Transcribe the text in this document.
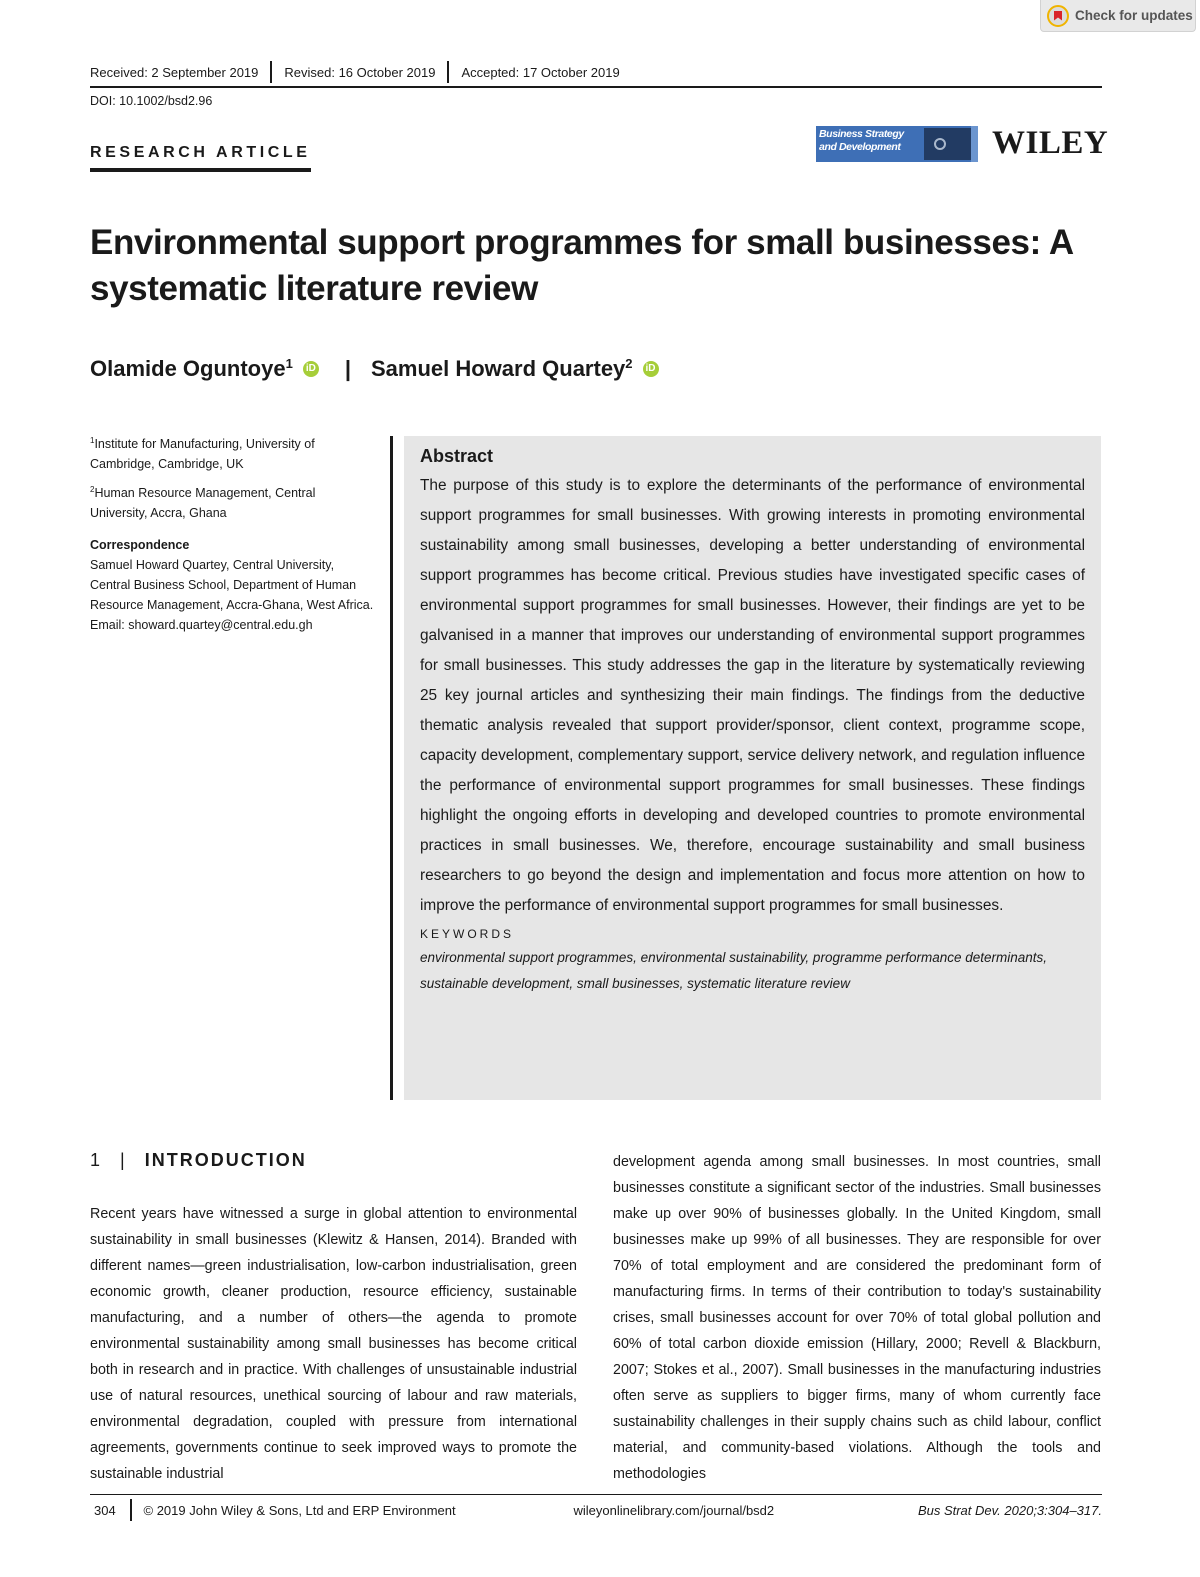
Check for updates
Received: 2 September 2019	Revised: 16 October 2019	Accepted: 17 October 2019
DOI: 10.1002/bsd2.96
RESEARCH ARTICLE
Business Strategy
and Development	WILEY
Environmental support programmes for small businesses: A systematic literature review
Olamide Oguntoye$^1$	iD | Samuel Howard Quartey$^2$	iD

$^1$Institute for Manufacturing, University of Cambridge, Cambridge, UK

$^2$Human Resource Management, Central University, Accra, Ghana

Correspondence

Samuel Howard Quartey, Central University, Central Business School, Department of Human Resource Management, Accra-Ghana, West Africa.

Email: showard.quartey@central.edu.gh

Abstract

The purpose of this study is to explore the determinants of the performance of environmental support programmes for small businesses. With growing interests in promoting environmental sustainability among small businesses, developing a better understanding of environmental support programmes has become critical. Previous studies have investigated specific cases of environmental support programmes for small businesses. However, their findings are yet to be galvanised in a manner that improves our understanding of environmental support programmes for small businesses. This study addresses the gap in the literature by systematically reviewing 25 key journal articles and synthesizing their main findings. The findings from the deductive thematic analysis revealed that support provider/sponsor, client context, programme scope, capacity development, complementary support, service delivery network, and regulation influence the performance of environmental support programmes for small businesses. These findings highlight the ongoing efforts in developing and developed countries to promote environmental practices in small businesses. We, therefore, encourage sustainability and small business researchers to go beyond the design and implementation and focus more attention on how to improve the performance of environmental support programmes for small businesses.

KEYWORDS

environmental support programmes, environmental sustainability, programme performance determinants, sustainable development, small businesses, systematic literature review

1 | INTRODUCTION

Recent years have witnessed a surge in global attention to environmental sustainability in small businesses (Klewitz & Hansen, 2014). Branded with different names—green industrialisation, low-carbon industrialisation, green economic growth, cleaner production, resource efficiency, sustainable manufacturing, and a number of others—the agenda to promote environmental sustainability among small businesses has become critical both in research and in practice. With challenges of unsustainable industrial use of natural resources, unethical sourcing of labour and raw materials, environmental degradation, coupled with pressure from international agreements, governments continue to seek improved ways to promote the sustainable industrial

development agenda among small businesses. In most countries, small businesses constitute a significant sector of the industries. Small businesses make up over 90% of businesses globally. In the United Kingdom, small businesses make up 99% of all businesses. They are responsible for over 70% of total employment and are considered the predominant form of manufacturing firms. In terms of their contribution to today's sustainability crises, small businesses account for over 70% of total global pollution and 60% of total carbon dioxide emission (Hillary, 2000; Revell & Blackburn, 2007; Stokes et al., 2007). Small businesses in the manufacturing industries often serve as suppliers to bigger firms, many of whom currently face sustainability challenges in their supply chains such as child labour, conflict material, and community-based violations. Although the tools and methodologies

304	© 2019 John Wiley & Sons, Ltd and ERP Environment	wileyonlinelibrary.com/journal/bsd2	Bus Strat Dev. 2020;3:304–317.
